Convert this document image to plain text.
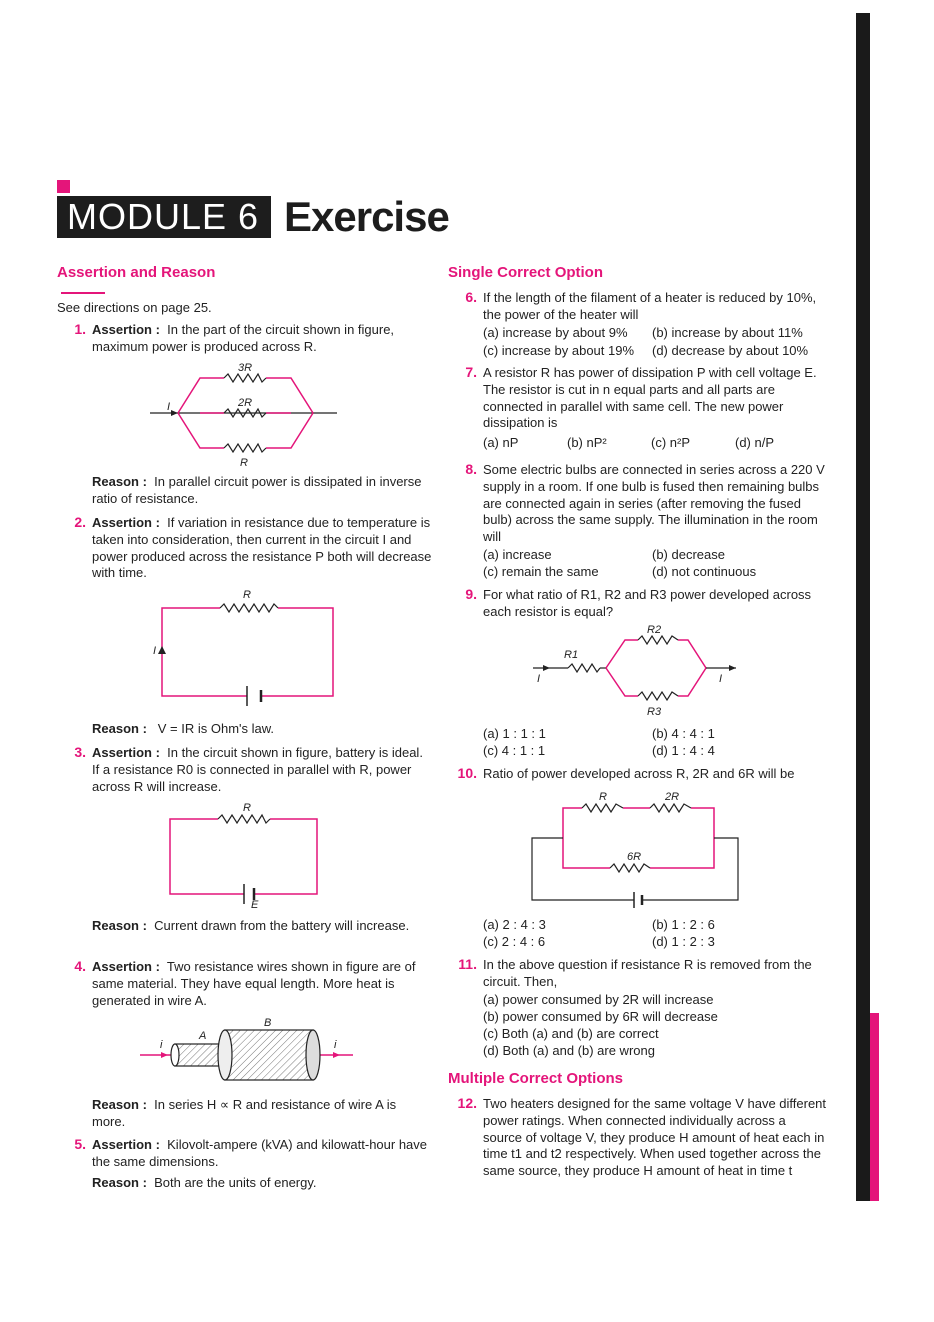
MODULE 6 Exercise
Assertion and Reason
See directions on page 25.
1. Assertion : In the part of the circuit shown in figure, maximum power is produced across R.
3R
2R
R
I
Reason : In parallel circuit power is dissipated in inverse ratio of resistance.
2. Assertion : If variation in resistance due to temperature is taken into consideration, then current in the circuit I and power produced across the resistance P both will decrease with time.
R
I
Reason : V = IR is Ohm's law.
3. Assertion : In the circuit shown in figure, battery is ideal. If a resistance R0 is connected in parallel with R, power across R will increase.
R
E
Reason : Current drawn from the battery will increase.
4. Assertion : Two resistance wires shown in figure are of same material. They have equal length. More heat is generated in wire A.
A
B
i	i
Reason : In series H ∝ R and resistance of wire A is more.
5. Assertion : Kilovolt-ampere (kVA) and kilowatt-hour have the same dimensions.
Reason : Both are the units of energy.
Single Correct Option
6. If the length of the filament of a heater is reduced by 10%, the power of the heater will
(a) increase by about 9% (b) increase by about 11%
(c) increase by about 19% (d) decrease by about 10%
7. A resistor R has power of dissipation P with cell voltage E. The resistor is cut in n equal parts and all parts are connected in parallel with same cell. The new power dissipation is
(a) nP	(b) nP²	(c) n²P	(d) n/P
8. Some electric bulbs are connected in series across a 220 V supply in a room. If one bulb is fused then remaining bulbs are connected again in series (after removing the fused bulb) across the same supply. The illumination in the room will
(a) increase	(b) decrease
(c) remain the same	(d) not continuous
9. For what ratio of R1, R2 and R3 power developed across each resistor is equal?
R1
R2
R3
I	I
(a) 1 : 1 : 1	(b) 4 : 4 : 1
(c) 4 : 1 : 1	(d) 1 : 4 : 4
10. Ratio of power developed across R, 2R and 6R will be
R	2R
6R
(a) 2 : 4 : 3	(b) 1 : 2 : 6
(c) 2 : 4 : 6	(d) 1 : 2 : 3
11. In the above question if resistance R is removed from the circuit. Then,
(a) power consumed by 2R will increase
(b) power consumed by 6R will decrease
(c) Both (a) and (b) are correct
(d) Both (a) and (b) are wrong
Multiple Correct Options
12. Two heaters designed for the same voltage V have different power ratings. When connected individually across a source of voltage V, they produce H amount of heat each in time t1 and t2 respectively. When used together across the same source, they produce H amount of heat in time t
